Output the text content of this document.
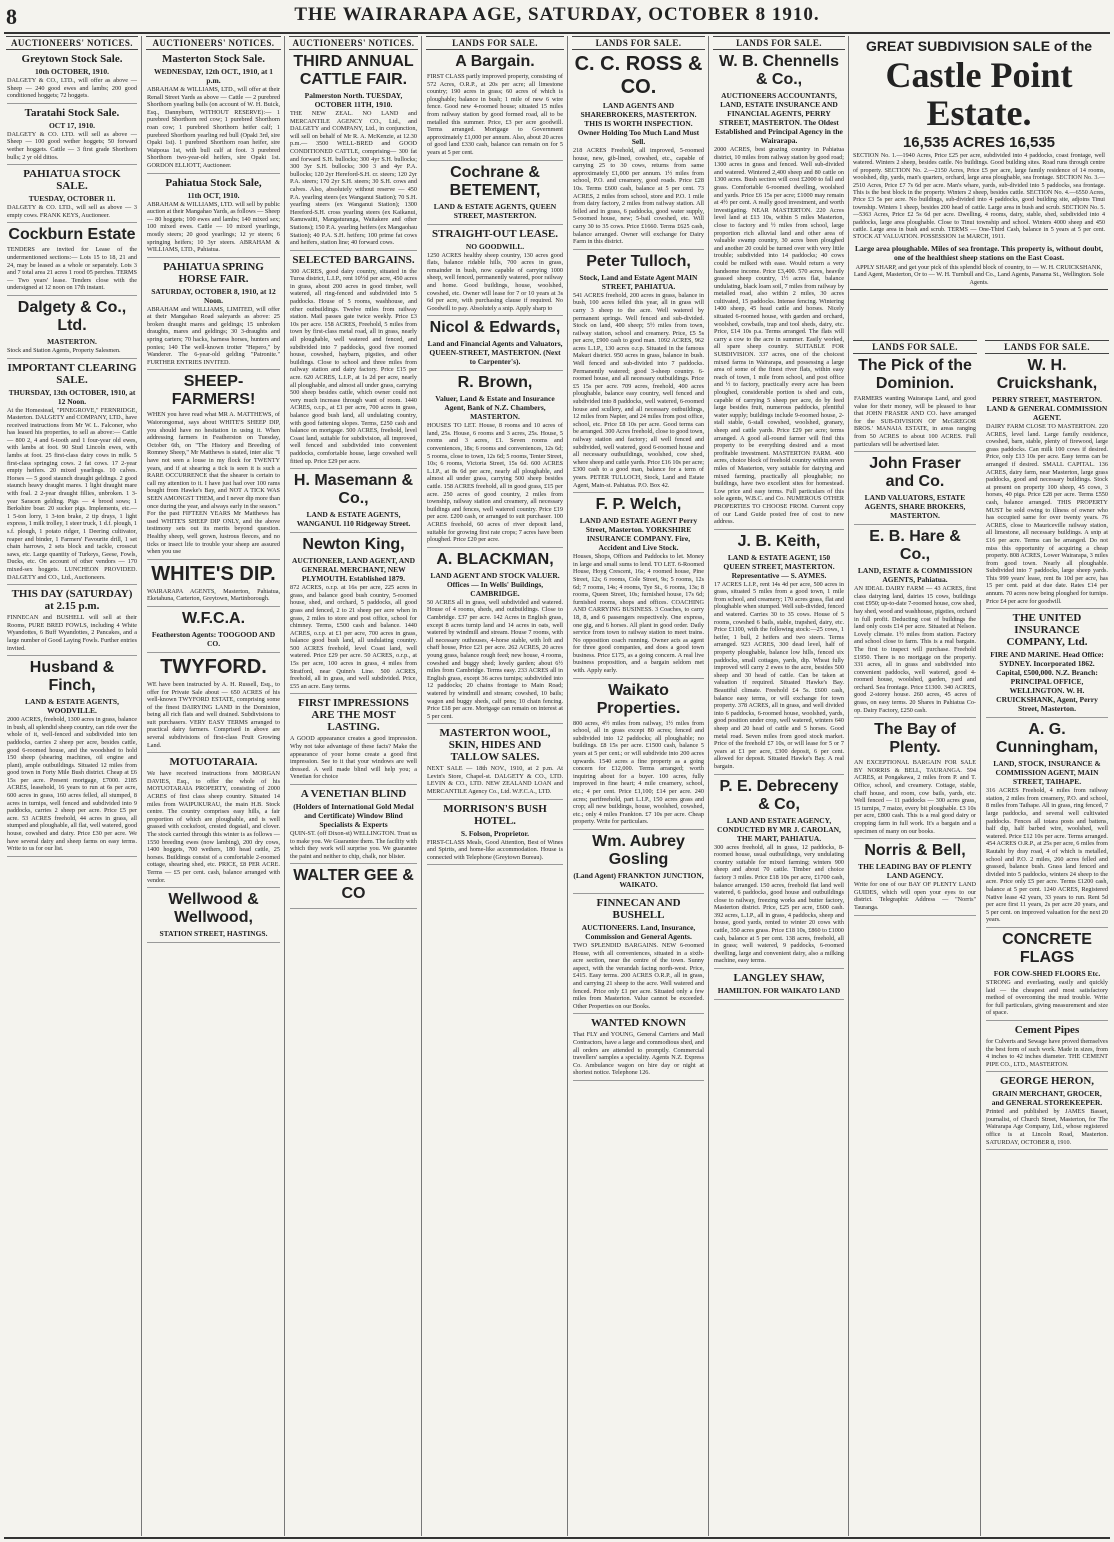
8	THE WAIRARAPA AGE, SATURDAY, OCTOBER 8 1910.
AUCTIONEERS' NOTICES.
Greytown Stock Sale.
10th OCTOBER, 1910.
DALGETY & CO., LTD., will offer as above — Sheep — 240 good ewes and lambs; 200 good conditioned hoggets; 72 hoggets.
Taratahi Stock Sale.
OCT 17, 1910.
DALGETY & CO. LTD. will sell as above — Sheep — 100 good wether hoggets; 50 forward wether hoggets. Cattle — 3 first grade Shorthorn bulls; 2 yr old dittos.
PAHIATUA STOCK SALE.
TUESDAY, OCTOBER 11.
DALGETY & CO. LTD., will sell as above — 3 empty cows. FRANK KEYS, Auctioneer.
Cockburn Estate
TENDERS are invited for Lease of the undermentioned sections:— Lots 15 to 18, 21 and 24, may be leased as a whole or separately. Lots 3 and 7 total area 21 acres 1 rood 05 perches. TERMS — Two years' lease. Tenders close with the undersigned at 12 noon on 17th instant.
Dalgety & Co., Ltd.
MASTERTON.
Stock and Station Agents, Property Salesmen.
IMPORTANT CLEARING SALE.
THURSDAY, 13th OCTOBER, 1910, at 12 Noon.
At the Homestead, "PINEGROVE," FERNRIDGE, Masterton. DALGETY and COMPANY, LTD., have received instructions from Mr W. L. Falconer, who has leased his properties, to sell as above:— Cattle — 800 2, 4 and 6-tooth and 1 four-year old ewes, with lambs at foot. 90 Stud Lincoln ewes, with lambs at foot. 25 first-class dairy cows in milk. 5 first-class springing cows. 2 fat cows. 17 2-year empty heifers. 20 mixed yearlings. 10 calves. Horses — 5 good staunch draught geldings. 2 good staunch heavy draught mares. 1 light draught mare with foal. 2 2-year draught fillies, unbroken. 1 3-year Saracen gelding. Pigs — 4 brood sows; 1 Berkshire boar. 20 sucker pigs. Implements, etc.— 1 5-ton lorry, 1 3-ton brake, 2 tip drays, 1 light express, 1 milk trolley, 1 steer truck, 1 d.f. plough, 1 s.f. plough, 1 potato ridger, 1 Deering cultivator, reaper and binder, 1 Farmers' Favourite drill, 1 set chain harrows, 2 sets block and tackle, crosscut saws, etc. Large quantity of Turkeys, Geese, Fowls, Ducks, etc. On account of other vendors — 170 mixed-sex hoggets. LUNCHEON PROVIDED. DALGETY and CO., Ltd., Auctioneers.
THIS DAY (SATURDAY) at 2.15 p.m.
FINNECAN and BUSHELL will sell at their Rooms, PURE BRED FOWLS, including 4 White Wyandottes, 6 Buff Wyandottes, 2 Pancakes, and a large number of Good Laying Fowls. Further entries invited.
Husband & Finch,
LAND & ESTATE AGENTS, WOODVILLE.
2000 ACRES, freehold, 1300 acres in grass, balance in bush, all splendid sheep country, can ride over the whole of it, well-fenced and subdivided into ten paddocks, carries 2 sheep per acre, besides cattle, good 6-roomed house, and the woodshed to hold 150 sheep (shearing machines, oil engine and plant), ample outbuildings. Situated 12 miles from good town in Forty Mile Bush district. Cheap at £6 15s per acre. Present mortgage, £7000. 2185 ACRES, leasehold, 16 years to run at 6s per acre, 600 acres in grass, 160 acres felled, all stumped, 8 acres in turnips, well fenced and subdivided into 9 paddocks, carries 2 sheep per acre. Price £5 per acre. 53 ACRES freehold, 44 acres in grass, all stumped and ploughable, all flat, well watered, good house, cowshed and dairy. Price £30 per acre. We have several dairy and sheep farms on easy terms. Write to us for our list.
AUCTIONEERS' NOTICES.
Masterton Stock Sale.
WEDNESDAY, 12th OCT., 1910, at 1 p.m.
ABRAHAM & WILLIAMS, LTD., will offer at their Renall Street Yards as above — Cattle — 2 purebred Shorthorn yearling bulls (on account of W. H. Buick, Esq., Dannyburn, WITHOUT RESERVE):— 1 purebred Shorthorn red cow; 1 purebred Shorthorn roan cow; 1 purebred Shorthorn heifer calf; 1 purebred Shorthorn yearling red bull (Opaki 3rd, sire Opaki 1st). 1 purebred Shorthorn roan heifer, sire Waipoua 1st, with bull calf at foot. 3 purebred Shorthorn two-year-old heifers, sire Opaki 1st. GORDON ELLIOTT, Auctioneer.
Pahiatua Stock Sale,
11th OCT, 1910.
ABRAHAM & WILLIAMS, LTD. will sell by public auction at their Mangahao Yards, as follows — Sheep — 80 hoggets; 100 ewes and lambs; 140 mixed sex; 100 mixed ewes. Cattle — 10 mixed yearlings, mostly steers; 20 good yearlings; 12 yr steers; 6 springing heifers; 10 3yr steers. ABRAHAM & WILLIAMS, LTD., Pahiatua.
PAHIATUA SPRING HORSE FAIR.
SATURDAY, OCTOBER 8, 1910, at 12 Noon.
ABRAHAM and WILLIAMS, LIMITED, will offer at their Mangahao Road saleyards as above: 25 broken draught mares and geldings; 15 unbroken draughts, mares and geldings; 30 3-draughts and spring carters; 70 hacks, harness horses, hunters and ponies; 140 The well-known trotter "Hepero," by Wanderer. The 6-year-old gelding "Patronite." FURTHER ENTRIES INVITED.
SHEEP-FARMERS!
WHEN you have read what MR A. MATTHEWS, of Waiorongomai, says about WHITE'S SHEEP DIP, you should have no hesitation in using it. When addressing farmers in Featherston on Tuesday, October 6th, on "The History and Breeding of Romney Sheep," Mr Matthews is stated, inter alia: "I have not seen a louse in my flock for TWENTY years, and if at shearing a tick is seen it is such a RARE OCCURRENCE that the shearer is certain to call my attention to it. I have just had over 100 rams bought from Hawke's Bay, and NOT A TICK WAS SEEN AMONGST THEM, and I never dip more than once during the year, and always early in the season." For the past FIFTEEN YEARS Mr Matthews has used WHITE'S SHEEP DIP ONLY, and the above testimony sets out its merits beyond question. Healthy sheep, well grown, lustrous fleeces, and no ticks or insect life to trouble your sheep are assured when you use
WHITE'S DIP.
WAIRARAPA AGENTS, Masterton, Pahiatua, Eketahuna, Carterton, Greytown, Martinborough.
W.F.C.A.
Featherston Agents: TOOGOOD AND CO.
TWYFORD.
WE have been instructed by A. H. Russell, Esq., to offer for Private Sale about — 650 ACRES of his well-known TWYFORD ESTATE, comprising some of the finest DAIRYING LAND in the Dominion, being all rich flats and well drained. Subdivisions to suit purchasers. VERY EASY TERMS arranged to practical dairy farmers. Comprised in above are several subdivisions of first-class Fruit Growing Land.
MOTUOTARAIA.
We have received instructions from MORGAN DAVIES, Esq., to offer the whole of his MOTUOTARAIA PROPERTY, consisting of 2000 ACRES of first class sheep country. Situated 14 miles from WAIPUKURAU, the main H.B. Stock centre. The country comprises easy hills, a fair proportion of which are ploughable, and is well grassed with cocksfoot, crested dogstail, and clover. The stock carried through this winter is as follows — 1550 breeding ewes (now lambing), 200 dry cows, 1400 hoggets, 700 wethers, 180 head cattle, 25 horses. Buildings consist of a comfortable 2-roomed cottage, shearing shed, etc. PRICE, £8 PER ACRE. Terms — £5 per cent. cash, balance arranged with vendor.
Wellwood & Wellwood,
STATION STREET, HASTINGS.
AUCTIONEERS' NOTICES.
THIRD ANNUAL CATTLE FAIR.
Palmerston North. TUESDAY, OCTOBER 11TH, 1910.
THE NEW ZEAL. NO LAND and MERCANTILE AGENCY CO., Ltd., and DALGETY and COMPANY, Ltd., in conjunction, will sell on behalf of Mr R. A. McKenzie, at 12.30 p.m.— 3500 WELL-BRED and GOOD CONDITIONED CATTLE, comprising— 300 fat and forward S.H. bullocks; 300 4yr S.H. bullocks; 300 3yr S.H. bullocks; 300 3 and 4yr P.A. bullocks; 120 2yr Hereford-S.H. cr. steers; 120 2yr P.A. steers; 170 2yr S.H. steers; 30 S.H. cows and calves. Also, absolutely without reserve — 450 P.A. yearling steers (ex Wanganui Station); 70 S.H. yearling steers (ex Wanganui Station); 1300 Hereford-S.H. cross yearling steers (ex Kaikanui, Kanuwaiiti, Mangaturanga, Waitakere and other Stations); 150 P.A. yearling heifers (ex Mangaohau Station); 40 P.A. S.H. heifers; 100 prime fat cows and heifers, station line; 40 forward cows.
SELECTED BARGAINS.
300 ACRES, good dairy country, situated in the Turoa district, L.I.P., rent 10½d per acre, 450 acres in grass, about 200 acres in good timber, well watered, all ring-fenced and subdivided into 5 paddocks. House of 5 rooms, washhouse, and other outbuildings. Twelve miles from railway station. Mail passes gate twice weekly. Price £3 10s per acre. 158 ACRES, Freehold, 5 miles from town by first-class metal road, all in grass, nearly all ploughable, well watered and fenced, and subdivided into 7 paddocks, good five roomed house, cowshed, haybarn, pigsties, and other buildings. Close to school and three miles from railway station and dairy factory. Price £15 per acre. 620 ACRES, L.I.P., at 1s 2d per acre, nearly all ploughable, and almost all under grass, carrying 500 sheep besides cattle, which owner could not very much increase through want of room. 1440 ACRES, o.r.p., at £1 per acre, 700 acres in grass, balance good bush land, all undulating country, with good fattening slopes. Terms, £250 cash and balance on mortgage. 500 ACRES, freehold, level Coast land, suitable for subdivision, all improved, well fenced and subdivided into convenient paddocks, comfortable house, large cowshed well fitted up. Price £29 per acre.
H. Masemann & Co.,
LAND & ESTATE AGENTS, WANGANUI. 110 Ridgeway Street.
Newton King,
AUCTIONEER, LAND AGENT, AND GENERAL MERCHANT, NEW PLYMOUTH. Established 1879.
872 ACRES, o.r.p. at 16s per acre, 225 acres in grass, and balance good bush country, 5-roomed house, shed, and orchard, 5 paddocks, all good grass and fenced, 2 to 21 sheep per acre when in grass, 2 miles to store and post office, school for chimney. Terms, £500 cash and balance. 1440 ACRES, o.r.p. at £1 per acre, 700 acres in grass, balance good bush land, all undulating country. 500 ACRES freehold, level Coast land, well watered. Price £29 per acre. 50 ACRES, o.r.p., at 15s per acre, 100 acres in grass, 4 miles from Stratford, near Quinn's Line. 500 ACRES, freehold, all in grass, and well subdivided. Price, £55 an acre. Easy terms.
FIRST IMPRESSIONS ARE THE MOST LASTING.
A GOOD appearance creates a good impression. Why not take advantage of these facts? Make the appearance of your home create a good first impression. See to it that your windows are well dressed. A well made blind will help you; a Venetian for choice
A VENETIAN BLIND
(Holders of International Gold Medal and Certificate) Window Blind Specialists & Experts
QUIN-ST. (off Dixon-st) WELLINGTON. Trust us to make you. We Guarantee them. The facility with which they work will surprise you. We guarantee the paint and neither to chip, chalk, nor blister.
WALTER GEE & CO
LANDS FOR SALE.
A Bargain.
FIRST CLASS partly improved property, consisting of 572 Acres, O.R.P., at 20s per acre; all limestone country; 190 acres in grass; 60 acres of which is ploughable; balance in bush; 1 mile of new 6 wire fence. Good new 4-roomed house; situated 15 miles from railway station by good formed road, all to be metalled this summer. Price, £3 per acre goodwill. Terms arranged. Mortgage to Government approximately £1,000 per annum. Also, about 20 acres of good land £330 cash, balance can remain on for 5 years at 5 per cent.
Cochrane & BETEMENT,
LAND & ESTATE AGENTS, QUEEN STREET, MASTERTON.
STRAIGHT-OUT LEASE.
NO GOODWILL.
1250 ACRES healthy sheep country, 130 acres good flats, balance ridable hills, 700 acres in grass, remainder in bush, now capable of carrying 1000 sheep, well fenced, permanently watered, poor railway and home. Good buildings, house, woolshed, cowshed, etc. Owner will lease for 7 or 10 years at 3s 6d per acre, with purchasing clause if required. No Goodwill to pay. Absolutely a snip. Apply sharp to
Nicol & Edwards,
Land and Financial Agents and Valuators, QUEEN-STREET, MASTERTON. (Next to Carpenter's).
R. Brown,
Valuer, Land & Estate and Insurance Agent, Bank of N.Z. Chambers, MASTERTON.
HOUSES TO LET. House, 8 rooms and 10 acres of land, 25s. House, 6 rooms and 3 acres, 25s. House, 5 rooms and 3 acres, £1. Seven rooms and conveniences, 18s; 6 rooms and conveniences, 12s 6d; 5 rooms, close to town, 12s 6d; 5 rooms, Tenter Street, 10s; 6 rooms, Victoria Street, 15s 6d. 600 ACRES L.I.P., at 8s 6d per acre, nearly all ploughable, and almost all under grass, carrying 500 sheep besides cattle. 158 ACRES freehold, all in good grass, £15 per acre. 250 acres of good country, 2 miles from township, railway station and creamery, all necessary buildings and fences, well watered country. Price £19 per acre. £200 cash, or arranged to suit purchaser. 100 ACRES freehold, 60 acres of river deposit land, suitable for growing first rate crops; 7 acres have been ploughed. Price £20 per acre.
A. BLACKMAN,
LAND AGENT AND STOCK VALUER. Offices — In Wells' Buildings, CAMBRIDGE.
50 ACRES all in grass, well subdivided and watered. House of 4 rooms, sheds, and outbuildings. Close to Cambridge. £37 per acre. 142 Acres in English grass, except 8 acres turnip land and 14 acres in oats, well watered by windmill and stream. House 7 rooms, with all necessary outhouses, 4-horse stable, with loft and chaff house, Price £21 per acre. 262 ACRES, 20 acres young grass, balance rough feed; new house, 4 rooms, cowshed and buggy shed; lovely garden; about 6½ miles from Cambridge. Terms easy. 233 ACRES all in English grass, except 36 acres turnips; subdivided into 12 paddocks; 20 chains frontage to Main Road; watered by windmill and stream; cowshed, 10 bails; wagon and buggy sheds, calf pens; 10 chain fencing. Price £18 per acre. Mortgage can remain on interest at 5 per cent.
MASTERTON WOOL, SKIN, HIDES AND TALLOW SALES.
NEXT SALE — 18th NOV., 1910, at 2 p.m. At Levin's Store, Chapel-st. DALGETY & CO., LTD. LEVIN & CO., LTD. NEW ZEALAND LOAN and MERCANTILE Agency Co., Ltd. W.F.C.A., LTD.
MORRISON'S BUSH HOTEL.
S. Folson, Proprietor.
FIRST-CLASS Meals, Good Attention, Best of Wines and Spirits, and home-like accommodation. House is connected with Telephone (Greytown Bureau).
LANDS FOR SALE.
C. C. ROSS & CO.
LAND AGENTS AND SHAREBROKERS, MASTERTON. THIS IS WORTH INSPECTION. Owner Holding Too Much Land Must Sell.
218 ACRES Freehold, all improved, 5-roomed house, new, gib-lined, cowshed, etc., capable of carrying 25 to 30 cows, returns from same approximately £1,000 per annum. 1½ miles from school, P.O. and creamery, good roads. Price £28 10s. Terms £600 cash, balance at 5 per cent. 73 ACRES, 2 miles from school, store and P.O. 1 mile from dairy factory, 2 miles from railway station. All felled and in grass, 6 paddocks, good water supply, 5-roomed house, new; 5-bail cowshed, etc. Will carry 30 to 35 cows. Price £1660. Terms £625 cash, balance arranged. Owner will exchange for Dairy Farm in this district.
Peter Tulloch,
Stock, Land and Estate Agent MAIN STREET, PAHIATUA.
541 ACRES freehold, 200 acres in grass, balance in bush, 100 acres felled this year, all in grass will carry 3 sheep to the acre. Well watered by permanent springs. Well fenced and sub-divided. Stock on land, 400 sheep; 5½ miles from town, railway station, school and creamery. Price, £5 5s per acre, £900 cash to good man. 1092 ACRES, 962 acres L.I.P., 130 acres o.r.p. Situated in the famous Makuri district. 950 acres in grass, balance in bush. Well fenced and sub-divided into 7 paddocks. Permanently watered; good 3-sheep country. 6-roomed house, and all necessary outbuildings. Price £5 15s per acre. 709 acres, freehold, 400 acres ploughable, balance easy country, well fenced and subdivided into 8 paddocks, well watered, 6-roomed house and scullery, and all necessary outbuildings, 12 miles from Napier, and 24 miles from post office, school, etc. Price £8 10s per acre. Good terms can be arranged. 300 Acres freehold, close to good town, railway station and factory; all well fenced and subdivided, well watered, good 6-roomed house and all necessary outbuildings, woolshed, cow shed, where sheep and cattle yards. Price £16 10s per acre; £300 cash to a good man, balance for a term of years. PETER TULLOCH, Stock, Land and Estate Agent, Main-st. Pahiatua. P.O. Box 42.
F. P. Welch,
LAND AND ESTATE AGENT Perry Street, Masterton. YORKSHIRE INSURANCE COMPANY. Fire, Accident and Live Stock.
Houses, Shops, Offices and Paddocks to let. Money in large and small sums to lend. TO LET. 6-Roomed House, Hoyg Crescent, 16s; 4 roomed house, Pine Street, 12s; 6 rooms, Cole Street, 9s; 5 rooms, 12s 6d; 7 rooms, 14s; 4 rooms, Tye St., 6 rooms, 13s; 8 rooms, Queen Street, 10s; furnished house, 17s 6d; furnished rooms, shops and offices. COACHING AND CARRYING BUSINESS. 3 Coaches, to carry 18, 8, and 6 passengers respectively. One express, one gig, and 6 horses. All plant in good order. Daily service from town to railway station to meet trains. No opposition coach running. Owner acts as agent for three good companies, and does a good town business. Price £175, as a going concern. A real live business proposition, and a bargain seldom met with. Apply early.
Waikato Properties.
800 acres, 4½ miles from railway, 1½ miles from school, all in grass except 80 acres; fenced and subdivided into 12 paddocks; all ploughable; no buildings. £8 15s per acre. £1500 cash, balance 5 years at 5 per cent.; or will subdivide into 200 acres upwards. 1540 acres a fine property as a going concern for £12,000. Terms arranged; worth inquiring about for a buyer. 100 acres, fully improved in fine heart; 4 mile creamery, school, etc.; 4 per cent. Price £1,100; £14 per acre. 240 acres; partfreehold, part L.I.P., 150 acres grass and crop; all new buildings, house, woolshed, cowshed, etc.; only 4 miles Frankton. £7 10s per acre. Cheap property. Write for particulars.
Wm. Aubrey Gosling
(Land Agent) FRANKTON JUNCTION, WAIKATO.
FINNECAN AND BUSHELL
AUCTIONEERS. Land, Insurance, Commission and General Agents.
TWO SPLENDID BARGAINS. NEW 6-roomed House, with all conveniences, situated in a sixth-acre section, near the centre of the town. Sunny aspect, with the verandah facing north-west. Price, £415. Easy terms. 200 ACRES O.R.P., all in grass, and carrying 21 sheep to the acre. Well watered and fenced. Price only £1 per acre. Situated only a few miles from Masterton. Value cannot be exceeded. Other Properties on our Books.
WANTED KNOWN
That FLY and YOUNG, General Carriers and Mail Contractors, have a large and commodious shed, and all orders are attended to promptly. Commercial travellers' samples a speciality. Agents N.Z. Express Co. Ambulance wagon on hire day or night at shortest notice. Telephone 126.
LANDS FOR SALE.
W. B. Chennells & Co.,
AUCTIONEERS ACCOUNTANTS, LAND, ESTATE INSURANCE AND FINANCIAL AGENTS, PERRY STREET, MASTERTON. The Oldest Established and Principal Agency in the Wairarapa.
2000 ACRES, best grazing country in Pahiatua district, 10 miles from railway station by good road; 1300 acres in grass and fenced. Well sub-divided and watered. Wintered 2,400 sheep and 80 cattle on 1300 acres. Bush section will cost £2000 to fall and grass. Comfortable 6-roomed dwelling, woolshed and yards. Price £6 15s per acre; £1000 may remain at 4½ per cent. A really good investment, and worth investigating. NEAR MASTERTON. 220 Acres level land at £13 10s, within 5 miles Masterton, close to factory and ½ miles from school, large proportion rich alluvial land and other area of valuable swamp country, 30 acres been ploughed and another 20 could be turned over with very little trouble; subdivided into 14 paddocks; 40 cows could be milked with ease. Would return a very handsome income. Price £3,400. 570 acres, heavily grassed sheep country, 1½ acres flat, balance undulating, black loam soil, 7 miles from railway by metalled road, also within 2 miles, 30 acres cultivated, 15 paddocks. Intense fencing. Wintering 1400 sheep, 45 head cattle and horses. Nicely situated 6-roomed house, with garden and orchard, woolshed, cowbails, trap and tool sheds, dairy, etc. Price, £14 10s p.a. Terms arranged. The flats will carry a cow to the acre in summer. Easily worked, all spare sheep country. SUITABLE FOR SUBDIVISION. 337 acres, one of the choicest mixed farms in Wairarapa, and possessing a large area of some of the finest river flats, within easy reach of town, 1 mile from school, and post office and ½ to factory, practically every acre has been ploughed, considerable portion is shed and cuts, capable of carrying 5 sheep per acre, do by feed large besides fruit, numerous paddocks, plentiful water supply; buildings include 9-roomed house, 2-stall stable, 6-stall cowshed, woolshed, granary, sheep and cattle yards. Price £29 per acre; terms arranged. A good all-round farmer will find this property to be everything desired and a most profitable investment. MASTERTON FARM. 400 acres, choice block of freehold country within seven miles of Masterton, very suitable for dairying and mixed farming, practically all ploughable; no buildings, have two excellent sites for homestead. Low price and easy terms. Full particulars of this sole agents, W.B.C. and Co. NUMEROUS OTHER PROPERTIES TO CHOOSE FROM. Current copy of our Land Guide posted free of cost to new address.
J. B. Keith,
LAND & ESTATE AGENT, 150 QUEEN STREET, MASTERTON. Representative — S. AYMES.
17 ACRES L.I.P., rent 14s 4d per acre, 500 acres in grass, situated 5 miles from a good town, 1 mile from school, and creamery; 170 acres grass, flat and ploughable when stumped. Well sub-divided, fenced and watered. Carries 30 to 35 cows. House of 5 rooms, cowshed 6 bails, stable, trapshed, dairy, etc. Price £1100, with the following stock:—25 cows, 1 heifer, 1 bull, 2 heifers and two steers. Terms arranged. 923 ACRES, 300 dead level, half of property ploughable, balance low hills, fenced six paddocks, small cottages, yards, dip. Wheat fully improved will carry 2 ewes to the acre, besides 500 sheep and 30 head of cattle. Can be taken at valuation if required. Situated Hawke's Bay. Beautiful climate. Freehold £4 5s. £600 cash, balance easy terms, or will exchange for town property. 378 ACRES, all in grass, and well divided into 6 paddocks, 6-roomed house, woolshed, yards, good position under crop, well watered, winters 640 sheep and 20 head of cattle and 5 horses. Good metal road. Seven miles from good stock market. Price of the freehold £7 10s, or will lease for 5 or 7 years at £1 per acre, £300 deposit, 6 per cent. allowed for deposit. Situated Hawke's Bay. A real bargain.
P. E. Debreceny & Co,
LAND AND ESTATE AGENCY, CONDUCTED BY MR J. CAROLAN, THE MART, PAHIATUA.
300 acres freehold, all in grass, 12 paddocks, 8-roomed house, usual outbuildings, very undulating country suitable for mixed farming; winters 900 sheep and about 70 cattle. Timber and choice factory 3 miles. Price £18 10s per acre, £1700 cash, balance arranged. 150 acres, freehold flat land well watered, 6 paddocks, good house and outbuildings close to railway, freezing works and butter factory, Masterton district. Price, £25 per acre, £600 cash. 392 acres, L.I.P., all in grass, 4 paddocks, sheep and house, good yards, rented to winter 20 cows with cattle, 350 acres grass. Price £18 10s, £860 to £1000 cash, balance at 5 per cent. 138 acres, freehold, all in grass; well watered, 9 paddocks, 6-roomed dwelling, large and convenient dairy, also a milking machine, easy terms.
LANGLEY SHAW,
HAMILTON. FOR WAIKATO LAND
GREAT SUBDIVISION SALE of the
Castle Point Estate.
16,535 ACRES 16,535
SECTION No. 1.—1940 Acres, Price £25 per acre, subdivided into 4 paddocks, coast frontage, well watered. Winters 2 sheep, besides cattle. No buildings. Good building sites. Road runs through centre of property. SECTION No. 2.—2150 Acres, Price £5 per acre, large family residence of 14 rooms, woolshed, dip, yards, man's quarters, orchard, large area ploughable, sea frontage. SECTION No. 3.—2510 Acres, Price £7 7s 6d per acre. Man's whare, yards, sub-divided into 5 paddocks, sea frontage. This is the best block in the property. Winters 2 sheep, besides cattle. SECTION No. 4.—6550 Acres, Price £3 5s per acre. No buildings, sub-divided into 4 paddocks, good building site, adjoins Tinui township. Winters 1 sheep, besides 200 head of cattle. Large area in bush and scrub. SECTION No. 5.—5363 Acres, Price £2 5s 6d per acre. Dwelling, 4 rooms, dairy, stable, shed, subdivided into 4 paddocks, large area ploughable. Close to Tinui township and school. Winters 4000 sheep and 450 cattle. Large area in bush and scrub. TERMS — One-Third Cash, balance in 5 years at 5 per cent. STOCK AT VALUATION. POSSESSION 1st MARCH, 1911.
Large area ploughable. Miles of sea frontage. This property is, without doubt, one of the healthiest sheep stations on the East Coast.
APPLY SHARP, and get your pick of this splendid block of country, to — W. H. CRUICKSHANK, Land Agent, Masterton, Or to — W. H. Turnbull and Co., Land Agents, Panama St., Wellington. Sole Agents.
LANDS FOR SALE.
The Pick of the Dominion.
FARMERS wanting Wairarapa Land, and good value for their money, will be pleased to hear that JOHN FRASER AND CO. have arranged for the SUB-DIVISION OF McGREGOR BROS.' MANAIA ESTATE, in areas ranging from 50 ACRES to about 100 ACRES. Full particulars will be advertised later.
John Fraser and Co.
LAND VALUATORS, ESTATE AGENTS, SHARE BROKERS, MASTERTON.
E. B. Hare & Co.,
LAND, ESTATE & COMMISSION AGENTS, Pahiatua.
AN IDEAL DAIRY FARM — 43 ACRES, first class dairying land, dairies 15 cows, buildings cost £950; up-to-date 7-roomed house, cow shed, hay shed, wood and washhouse, pigsties, orchard in full profit. Deducting cost of buildings the land only costs £14 per acre. Situated at Nelson. Lovely climate. 1½ miles from station. Factory and school close to farm. This is a real bargain. The first to inspect will purchase. Freehold £1950. There is no mortgage on the property. 331 acres, all in grass and subdivided into convenient paddocks, well watered, good 4-roomed house, woolshed, garden, yard and orchard. Sea frontage. Price £1300. 340 ACRES, good 2-storey house. 260 acres, 45 acres of grass, on easy terms. 20 Shares in Pahiatua Co-op. Dairy Factory, £250 cash.
The Bay of Plenty.
AN EXCEPTIONAL BARGAIN FOR SALE BY NORRIS & BELL, TAURANGA. 594 ACRES, at Pongakawa, 2 miles from P. and T. Office, school, and creamery. Cottage, stable, chaff house, and room, cow bails, yards, etc. Well fenced — 11 paddocks — 300 acres grass, 15 turnips, 7 maize, every bit ploughable. £3 10s per acre, £800 cash. This is a real good dairy or cropping farm in full work. It's a bargain and a specimen of many on our books.
Norris & Bell,
THE LEADING BAY OF PLENTY LAND AGENCY.
Write for one of our BAY OF PLENTY LAND GUIDES, which will open your eyes to our district. Telegraphic Address — "Norris" Tauranga.
LANDS FOR SALE.
W. H. Cruickshank,
PERRY STREET, MASTERTON. LAND & GENERAL COMMISSION AGENT.
DAIRY FARM CLOSE TO MASTERTON. 220 ACRES, level land. Large family residence, cowshed, barn, stable, plenty of firewood, large grass paddocks. Can milk 100 cows if desired. Price, only £13 10s per acre. Easy terms can be arranged if desired. SMALL CAPITAL. 136 ACRES, dairy farm, near Masterton, large grass paddocks, good and necessary buildings. Stock at present on property 100 sheep, 45 cows, 3 horses, 40 pigs. Price £28 per acre. Terms £550 cash, balance arranged. THIS PROPERTY MUST be sold owing to illness of owner who has occupied same for over twenty years. 76 ACRES, close to Mauriceville railway station, all limestone, all necessary buildings. A snip at £16 per acre. Terms can be arranged. Do not miss this opportunity of acquiring a cheap property. 808 ACRES, Lower Wairarapa, 3 miles from good town. Nearly all ploughable. Subdivided into 7 paddocks, large sheep yards. This 999 years' lease, rent 8s 10d per acre, has 15 per cent. paid at due date. Rates £14 per annum. 70 acres now being ploughed for turnips. Price £4 per acre for goodwill.
THE UNITED INSURANCE COMPANY, Ltd.
FIRE AND MARINE. Head Office: SYDNEY. Incorporated 1862. Capital, £500,000. N.Z. Branch: PRINCIPAL OFFICE, WELLINGTON. W. H. CRUICKSHANK, Agent, Perry Street, Masterton.
A. G. Cunningham,
LAND, STOCK, INSURANCE & COMMISSION AGENT, MAIN STREET, TAIHAPE.
316 ACRES Freehold, 4 miles from railway station, 2 miles from creamery, P.O. and school, 8 miles from Taihape. All in grass, ring fenced, 7 large paddocks, and several well cultivated paddocks. Fences all totara posts and battens, half dip, half barbed wire, woolshed, well watered. Price £12 10s per acre. Terms arranged. 454 ACRES O.R.P., at 25s per acre, 6 miles from Rautahi by dray road, 4 of which is metalled, school and P.O. 2 miles, 260 acres felled and grassed, balance bush. Grass land fenced and divided into 5 paddocks, winters 24 sheep to the acre. Price only £5 per acre. Terms £1200 cash, balance at 5 per cent. 1240 ACRES, Registered Native lease 42 years, 33 years to run. Rent 5d per acre first 11 years, 2s per acre 20 years, and 5 per cent. on improved valuation for the next 20 years.
CONCRETE FLAGS
FOR COW-SHED FLOORS Etc.
STRONG and everlasting, easily and quickly laid — the cheapest and most satisfactory method of overcoming the mud trouble. Write for full particulars, giving measurement and size of space.
Cement Pipes
for Culverts and Sewage have proved themselves the best form of such work. Made in sizes, from 4 inches to 42 inches diameter. THE CEMENT PIPE CO., LTD., MASTERTON.
GEORGE HERON,
GRAIN MERCHANT, GROCER, and GENERAL STOREKEEPER.
Printed and published by JAMES Basset, journalist, of Church Street, Masterton, for The Wairarapa Age Company, Ltd., whose registered office is at Lincoln Road, Masterton. SATURDAY, OCTOBER 8, 1910.
